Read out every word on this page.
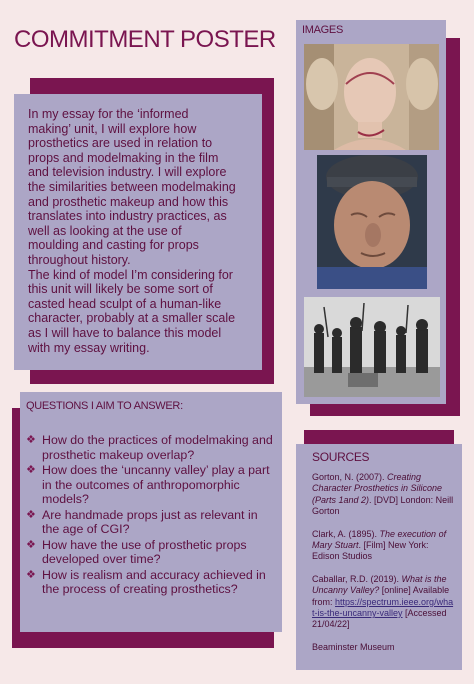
COMMITMENT POSTER

In my essay for the ‘informed
making’ unit, I will explore how
prosthetics are used in relation to
props and modelmaking in the film
and television industry. I will explore
the similarities between modelmaking
and prosthetic makeup and how this
translates into industry practices, as
well as looking at the use of
moulding and casting for props
throughout history.
The kind of model I’m considering for
this unit will likely be some sort of
casted head sculpt of a human-like
character, probably at a smaller scale
as I will have to balance this model
with my essay writing.

QUESTIONS I AIM TO ANSWER:
❖ How do the practices of modelmaking and prosthetic makeup overlap?
❖ How does the ‘uncanny valley’ play a part in the outcomes of anthropomorphic models?
❖ Are handmade props just as relevant in the age of CGI?
❖ How have the use of prosthetic props developed over time?
❖ How is realism and accuracy achieved in the process of creating prosthetics?
IMAGES
SOURCES

Gorton, N. (2007). Creating Character Prosthetics in Silicone (Parts 1and 2). [DVD] London: Neill Gorton

Clark, A. (1895). The execution of Mary Stuart. [Film] New York: Edison Studios

Caballar, R.D. (2019). What is the Uncanny Valley? [online] Available from: https://spectrum.ieee.org/what-is-the-uncanny-valley [Accessed 21/04/22]

Beaminster Museum
